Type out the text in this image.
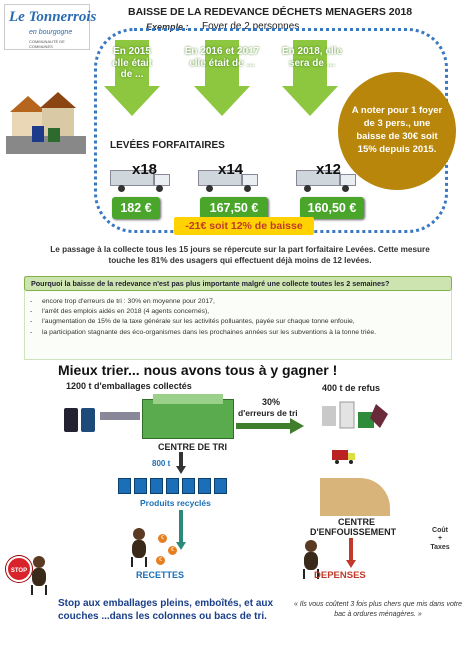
Le Tonnerrois
en bourgogne
COMMUNAUTÉ DE COMMUNES
BAISSE DE LA REDEVANCE DÉCHETS MENAGERS 2018
Exemple : Foyer de 2 personnes
En 2015 elle était de ...
En 2016 et 2017 elle était de ...
En 2018, elle sera de ...
A noter pour 1 foyer de 3 pers., une baisse de 30€ soit 15% depuis 2015.
LEVÉES FORFAITAIRES
x18
182 €
x14
167,50 €
x12
160,50 €
-21€ soit 12% de baisse
Le passage à la collecte tous les 15 jours se répercute sur la part forfaitaire Levées. Cette mesure touche les 81% des usagers qui effectuent déjà moins de 12 levées.
Pourquoi la baisse de la redevance n'est pas plus importante malgré une collecte toutes les 2 semaines?
- encore trop d'erreurs de tri : 30% en moyenne pour 2017,
- l'arrêt des emplois aidés en 2018 (4 agents concernés),
- l'augmentation de 15% de la taxe générale sur les activités polluantes, payée sur chaque tonne enfouie,
- la participation stagnante des éco-organismes dans les prochaines années sur les subventions à la tonne triée.
Mieux trier... nous avons tous à y gagner !
1200 t d'emballages collectés
CENTRE DE TRI
30%
d'erreurs de tri
400 t de refus
800 t
Produits recyclés
CENTRE
D'ENFOUISSEMENT	Coût
+
Taxes
€
€
€
RECETTES	DEPENSES
STOP
Stop aux emballages pleins, emboîtés, et aux couches ...dans les colonnes ou bacs de tri.
« Ils vous coûtent 3 fois plus chers que mis dans votre bac à ordures ménagères. »
